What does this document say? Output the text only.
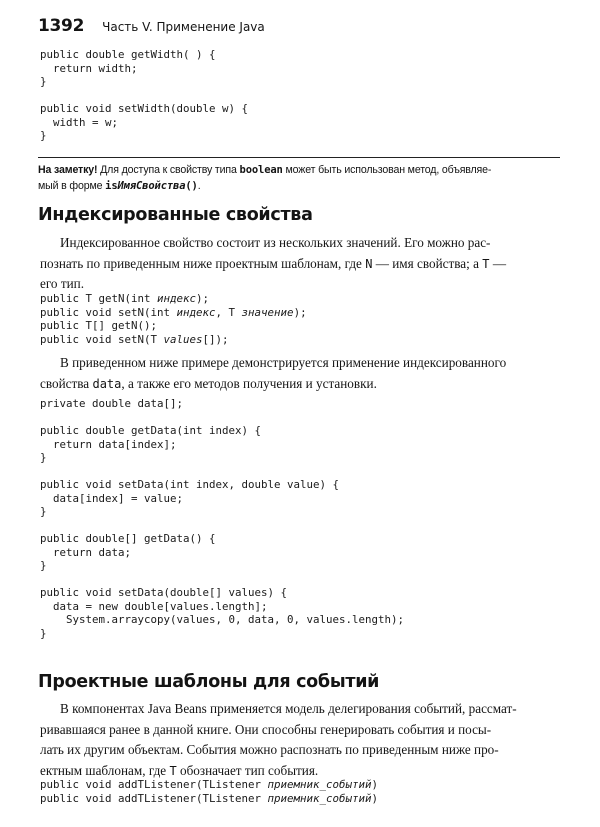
1392 Часть V. Применение Java
public double getWidth( ) {
return width;
}

public void setWidth(double w) {
width = w;
}
На заметку! Для доступа к свойству типа boolean может быть использован метод, объявляе-
мый в форме isИмяСвойства().
Индексированные свойства
Индексированное свойство состоит из нескольких значений. Его можно рас-
познать по приведенным ниже проектным шаблонам, где N — имя свойства; а T —
его тип.
public T getN(int индекс);
public void setN(int индекс, T значение);
public T[] getN();
public void setN(T values[]);
В приведенном ниже примере демонстрируется применение индексированного
свойства data, а также его методов получения и установки.
private double data[];

public double getData(int index) {
return data[index];
}

public void setData(int index, double value) {
data[index] = value;
}

public double[] getData() {
return data;
}

public void setData(double[] values) {
data = new double[values.length];
System.arraycopy(values, 0, data, 0, values.length);
}
Проектные шаблоны для событий
В компонентах Java Beans применяется модель делегирования событий, рассмат-
ривавшаяся ранее в данной книге. Они способны генерировать события и посы-
лать их другим объектам. События можно распознать по приведенным ниже про-
ектным шаблонам, где T обозначает тип события.
public void addTListener(TListener приемник_событий)
public void addTListener(TListener приемник_событий)
